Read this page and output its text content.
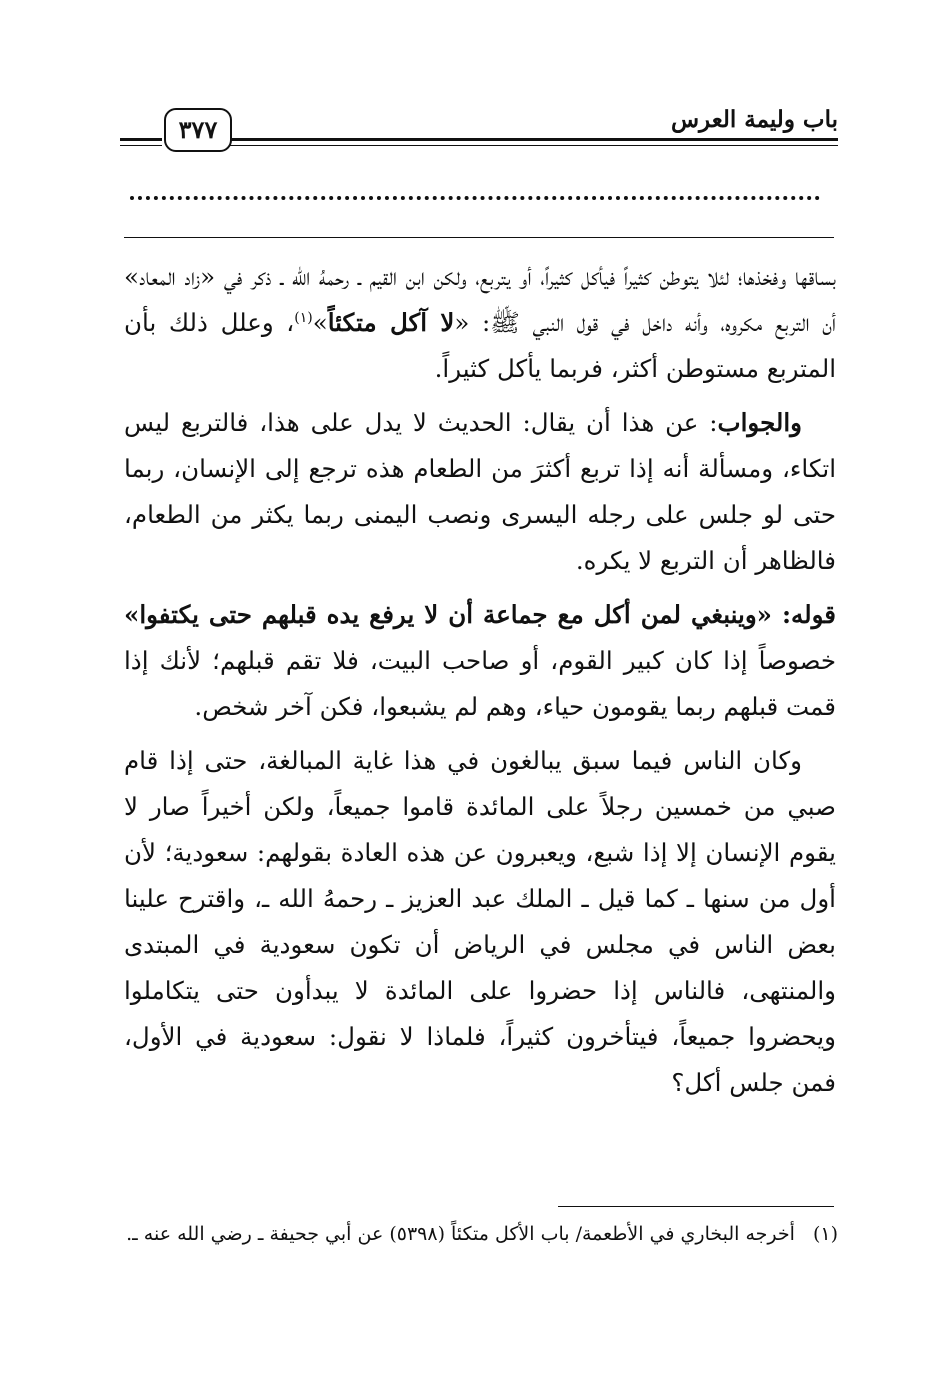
باب وليمة العرس
٣٧٧

بساقها وفخذها؛ لئلا يتوطن كثيراً فيأكل كثيراً، أو يتربع، ولكن ابن القيم ـ رحمهُ الله ـ ذكر في «زاد المعاد» أن التربع مكروه، وأنه داخل في قول النبي ﷺ: «لا آكل متكئاً»$^{(١)}$، وعلل ذلك بأن المتربع مستوطن أكثر، فربما يأكل كثيراً.

والجواب: عن هذا أن يقال: الحديث لا يدل على هذا، فالتربع ليس اتكاء، ومسألة أنه إذا تربع أكثرَ من الطعام هذه ترجع إلى الإنسان، ربما حتى لو جلس على رجله اليسرى ونصب اليمنى ربما يكثر من الطعام، فالظاهر أن التربع لا يكره.

قوله: «وينبغي لمن أكل مع جماعة أن لا يرفع يده قبلهم حتى يكتفوا» خصوصاً إذا كان كبير القوم، أو صاحب البيت، فلا تقم قبلهم؛ لأنك إذا قمت قبلهم ربما يقومون حياء، وهم لم يشبعوا، فكن آخر شخص.

وكان الناس فيما سبق يبالغون في هذا غاية المبالغة، حتى إذا قام صبي من خمسين رجلاً على المائدة قاموا جميعاً، ولكن أخيراً صار لا يقوم الإنسان إلا إذا شبع، ويعبرون عن هذه العادة بقولهم: سعودية؛ لأن أول من سنها ـ كما قيل ـ الملك عبد العزيز ـ رحمهُ الله ـ، واقترح علينا بعض الناس في مجلس في الرياض أن تكون سعودية في المبتدى والمنتهى، فالناس إذا حضروا على المائدة لا يبدأون حتى يتكاملوا ويحضروا جميعاً، فيتأخرون كثيراً، فلماذا لا نقول: سعودية في الأول، فمن جلس أكل؟

(١)أخرجه البخاري في الأطعمة/ باب الأكل متكئاً (٥٣٩٨) عن أبي جحيفة ـ رضي الله عنه ـ.
